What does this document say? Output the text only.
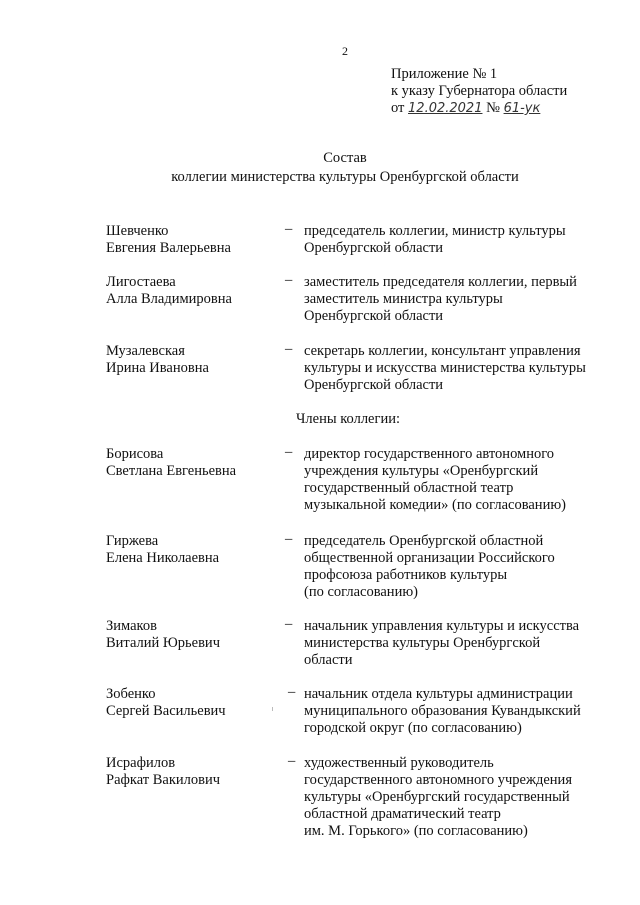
2
Приложение № 1
к указу Губернатора области
от 12.02.2021 № 61-ук
Состав
коллегии министерства культуры Оренбургской области
Шевченко
Евгения Валерьевна
– председатель коллегии, министр культуры
Оренбургской области
Лигостаева
Алла Владимировна
– заместитель председателя коллегии, первый
заместитель министра культуры
Оренбургской области
Музалевская
Ирина Ивановна
– секретарь коллегии, консультант управления
культуры и искусства министерства культуры
Оренбургской области
Члены коллегии:
Борисова
Светлана Евгеньевна
– директор государственного автономного
учреждения культуры «Оренбургский
государственный областной театр
музыкальной комедии» (по согласованию)
Гиржева
Елена Николаевна
– председатель Оренбургской областной
общественной организации Российского
профсоюза работников культуры
(по согласованию)
Зимаков
Виталий Юрьевич
– начальник управления культуры и искусства
министерства культуры Оренбургской
области
Зобенко
Сергей Васильевич
– начальник отдела культуры администрации
муниципального образования Кувандыкский
городской округ (по согласованию)
Исрафилов
Рафкат Вакилович
– художественный руководитель
государственного автономного учреждения
культуры «Оренбургский государственный
областной драматический театр
им. М. Горького» (по согласованию)
